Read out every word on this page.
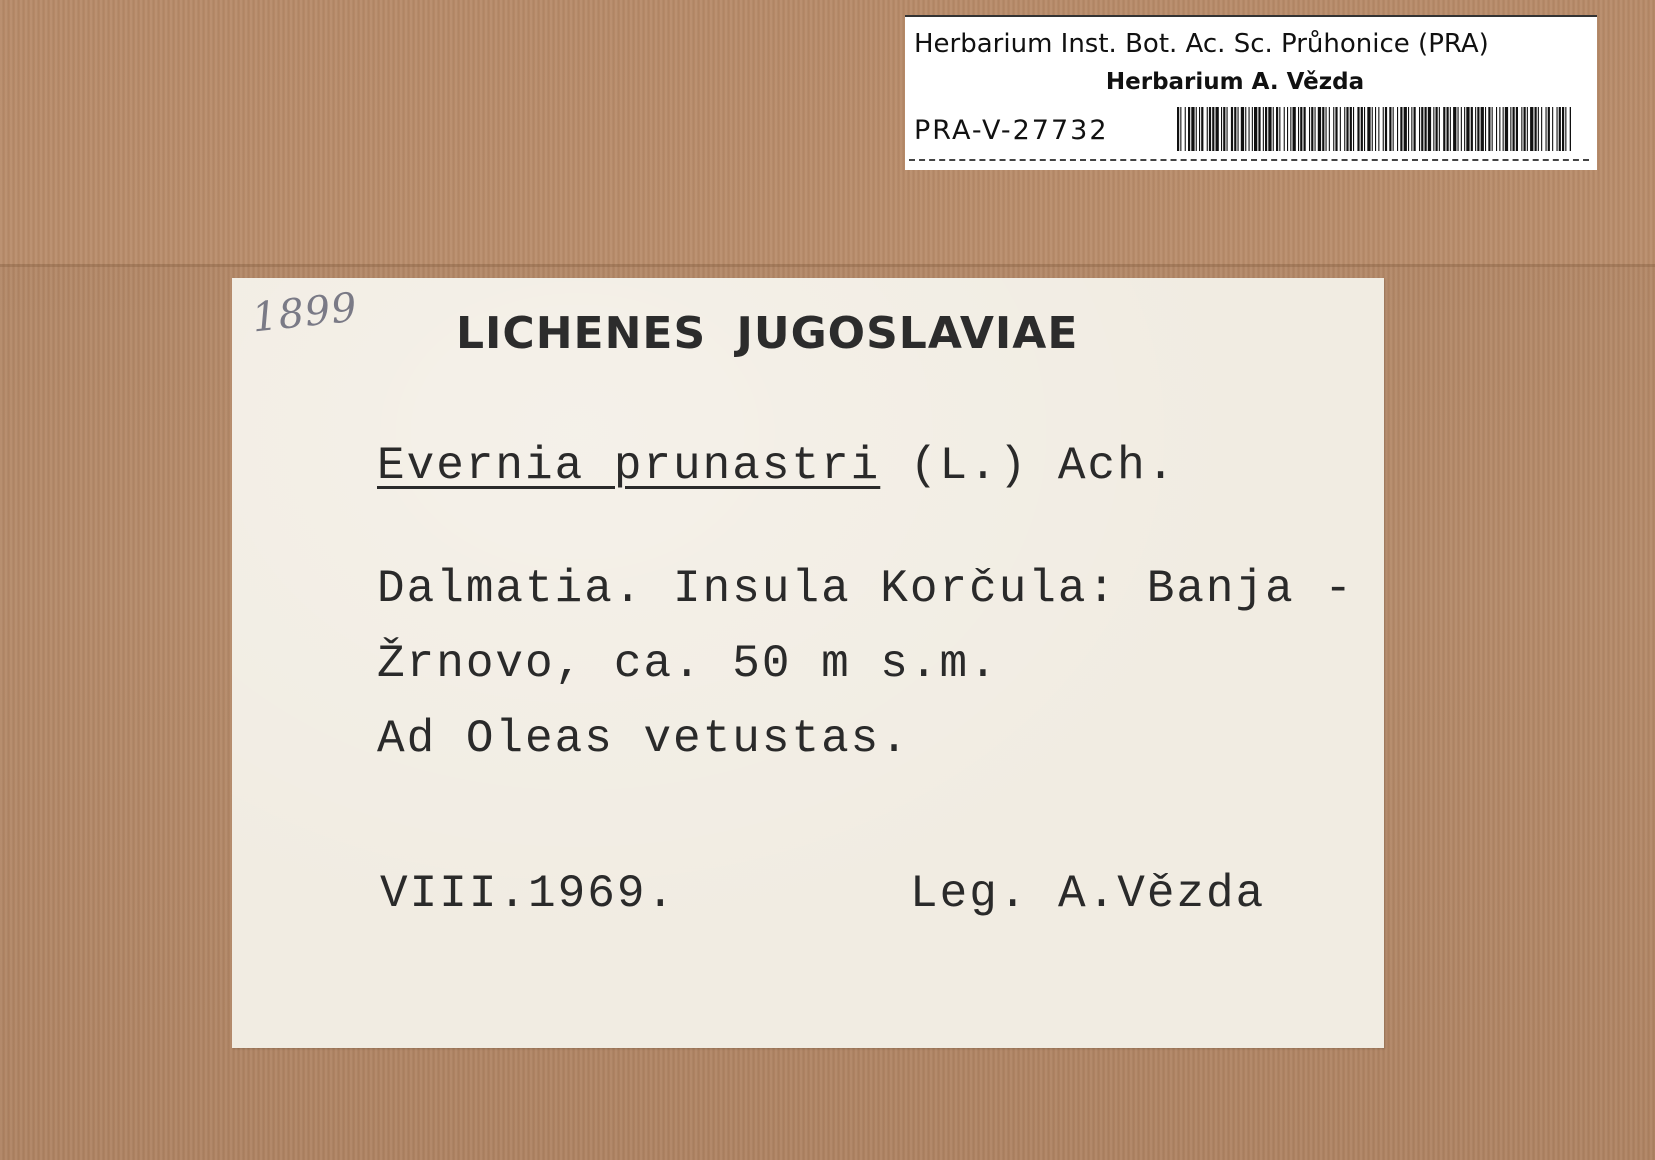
Herbarium Inst. Bot. Ac. Sc. Průhonice (PRA)
Herbarium A. Vězda
PRA-V-27732
1899 LICHENES JUGOSLAVIAE
Evernia prunastri (L.) Ach.
Dalmatia. Insula Korčula: Banja -
Žrnovo, ca. 50 m s.m.
Ad Oleas vetustas.
VIII.1969.	Leg. A.Vězda
